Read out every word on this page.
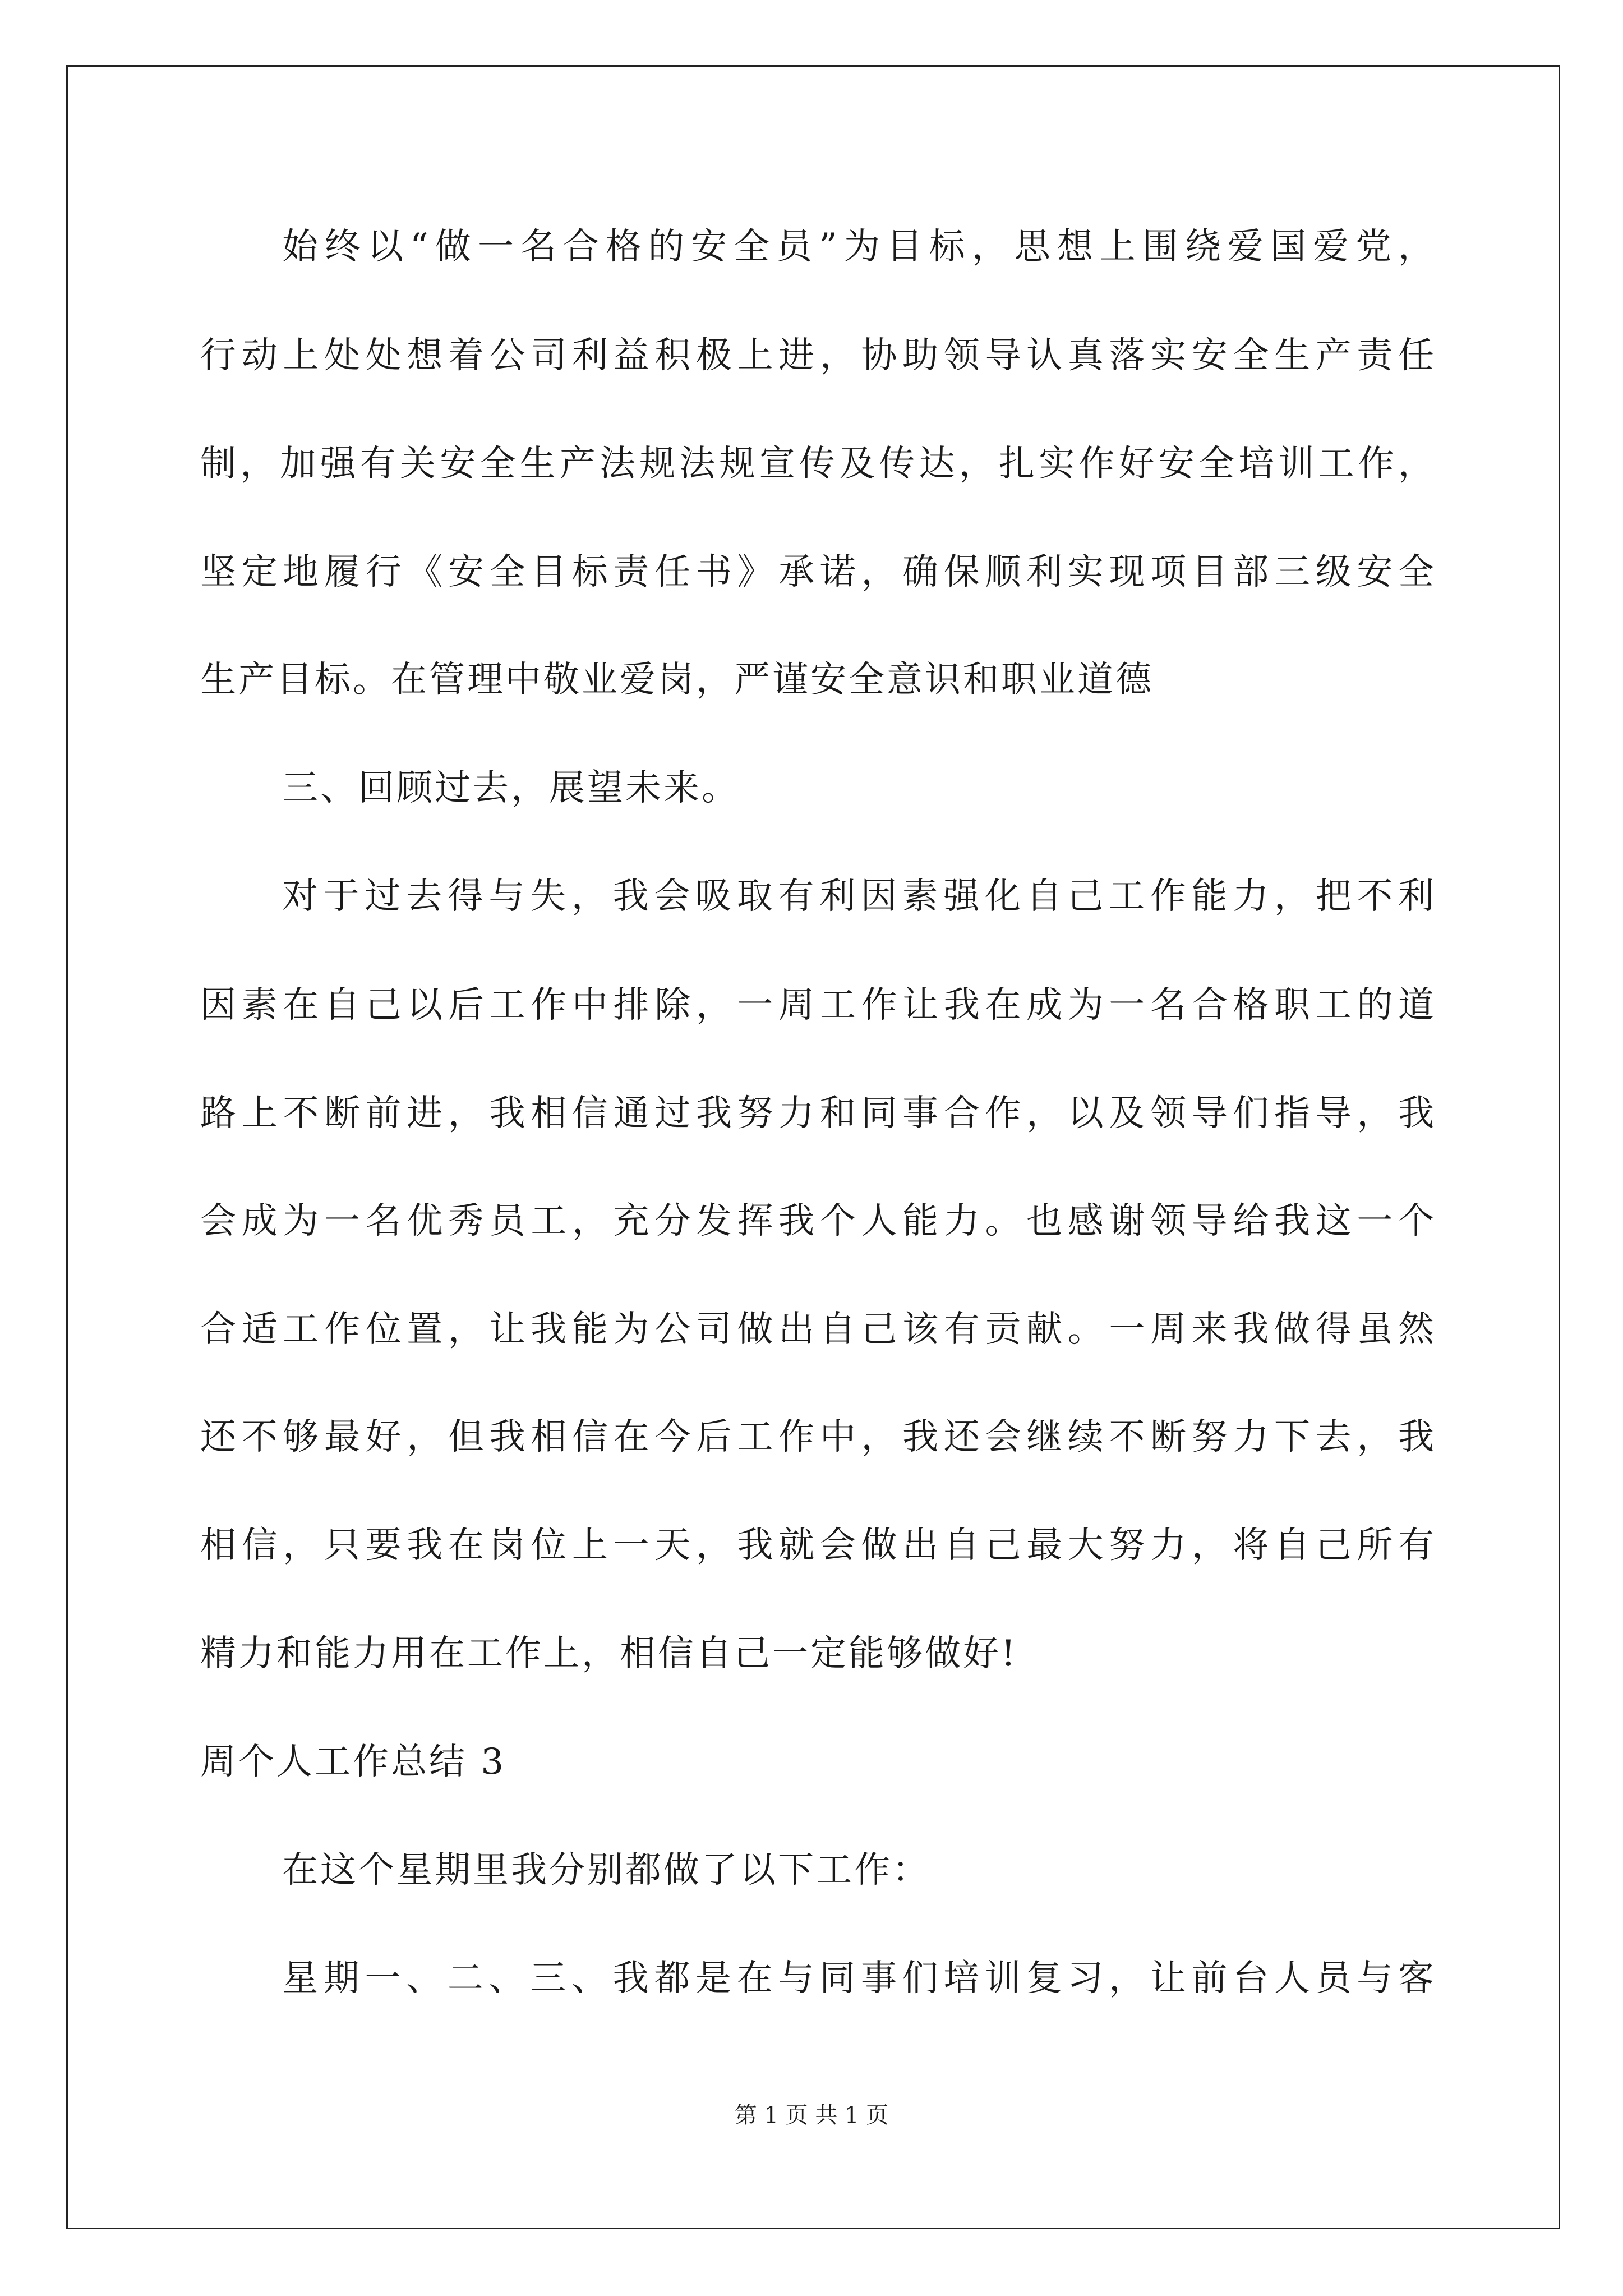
始终以“做一名合格的安全员”为目标，思想上围绕爱国爱党，

行动上处处想着公司利益积极上进，协助领导认真落实安全生产责任

制，加强有关安全生产法规法规宣传及传达，扎实作好安全培训工作，

坚定地履行《安全目标责任书》承诺，确保顺利实现项目部三级安全

生产目标。在管理中敬业爱岗，严谨安全意识和职业道德

三、回顾过去，展望未来。

对于过去得与失，我会吸取有利因素强化自己工作能力，把不利

因素在自己以后工作中排除，一周工作让我在成为一名合格职工的道

路上不断前进，我相信通过我努力和同事合作，以及领导们指导，我

会成为一名优秀员工，充分发挥我个人能力。也感谢领导给我这一个

合适工作位置，让我能为公司做出自己该有贡献。一周来我做得虽然

还不够最好，但我相信在今后工作中，我还会继续不断努力下去，我

相信，只要我在岗位上一天，我就会做出自己最大努力，将自己所有

精力和能力用在工作上，相信自己一定能够做好!

周个人工作总结 3

在这个星期里我分别都做了以下工作：

星期一、二、三、我都是在与同事们培训复习，让前台人员与客

第 1 页 共 1 页
